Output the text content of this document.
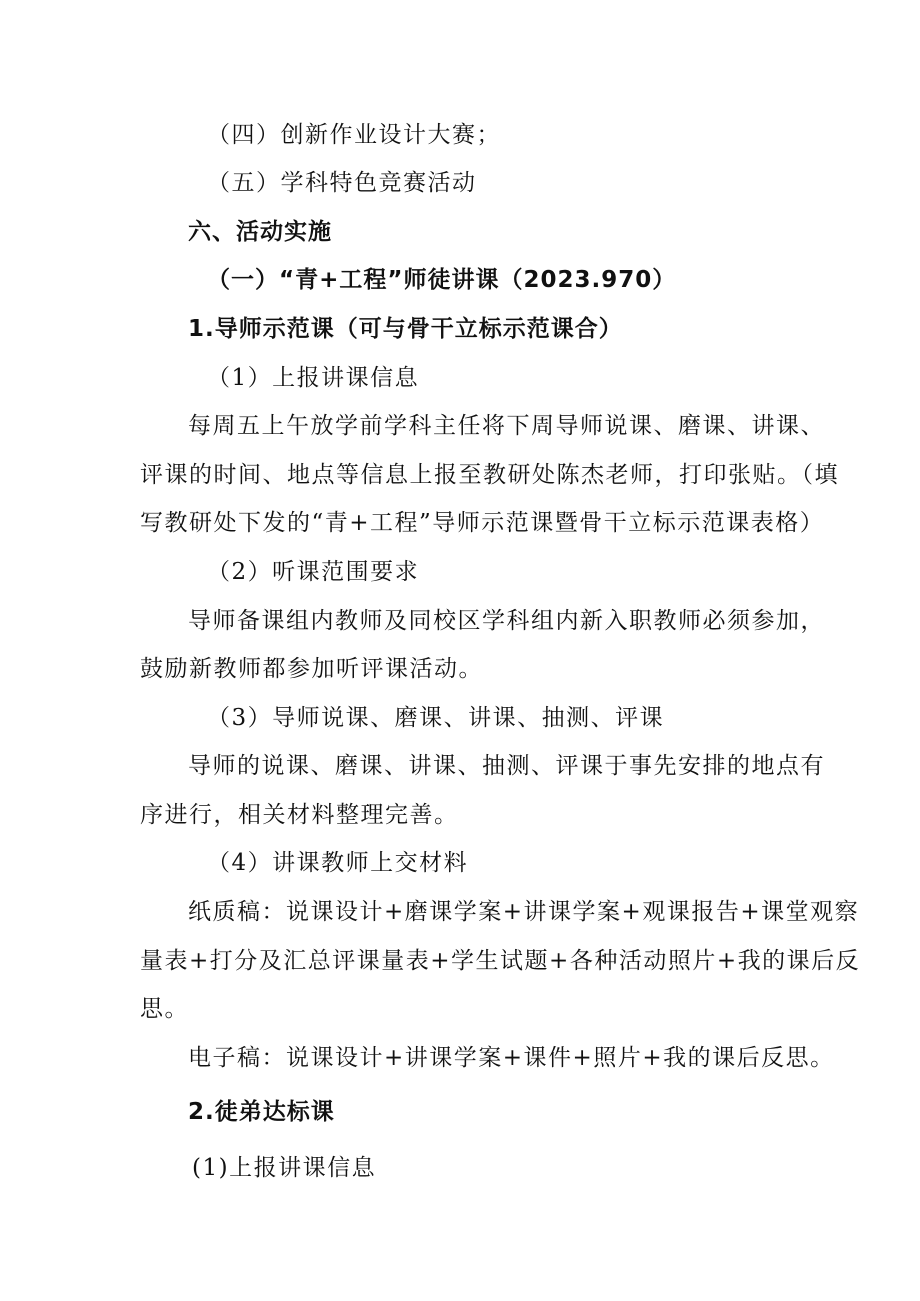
（四）创新作业设计大赛；
（五）学科特色竞赛活动
六、活动实施
（一）“青+工程”师徒讲课（2023.970）
1.导师示范课（可与骨干立标示范课合）
（1）上报讲课信息
每周五上午放学前学科主任将下周导师说课、磨课、讲课、
评课的时间、地点等信息上报至教研处陈杰老师，打印张贴。（填
写教研处下发的“青+工程”导师示范课暨骨干立标示范课表格）
（2）听课范围要求
导师备课组内教师及同校区学科组内新入职教师必须参加，
鼓励新教师都参加听评课活动。
（3）导师说课、磨课、讲课、抽测、评课
导师的说课、磨课、讲课、抽测、评课于事先安排的地点有
序进行，相关材料整理完善。
（4）讲课教师上交材料
纸质稿：说课设计+磨课学案+讲课学案+观课报告+课堂观察
量表+打分及汇总评课量表+学生试题+各种活动照片+我的课后反
思。
电子稿：说课设计+讲课学案+课件+照片+我的课后反思。
2.徒弟达标课
(1)上报讲课信息
